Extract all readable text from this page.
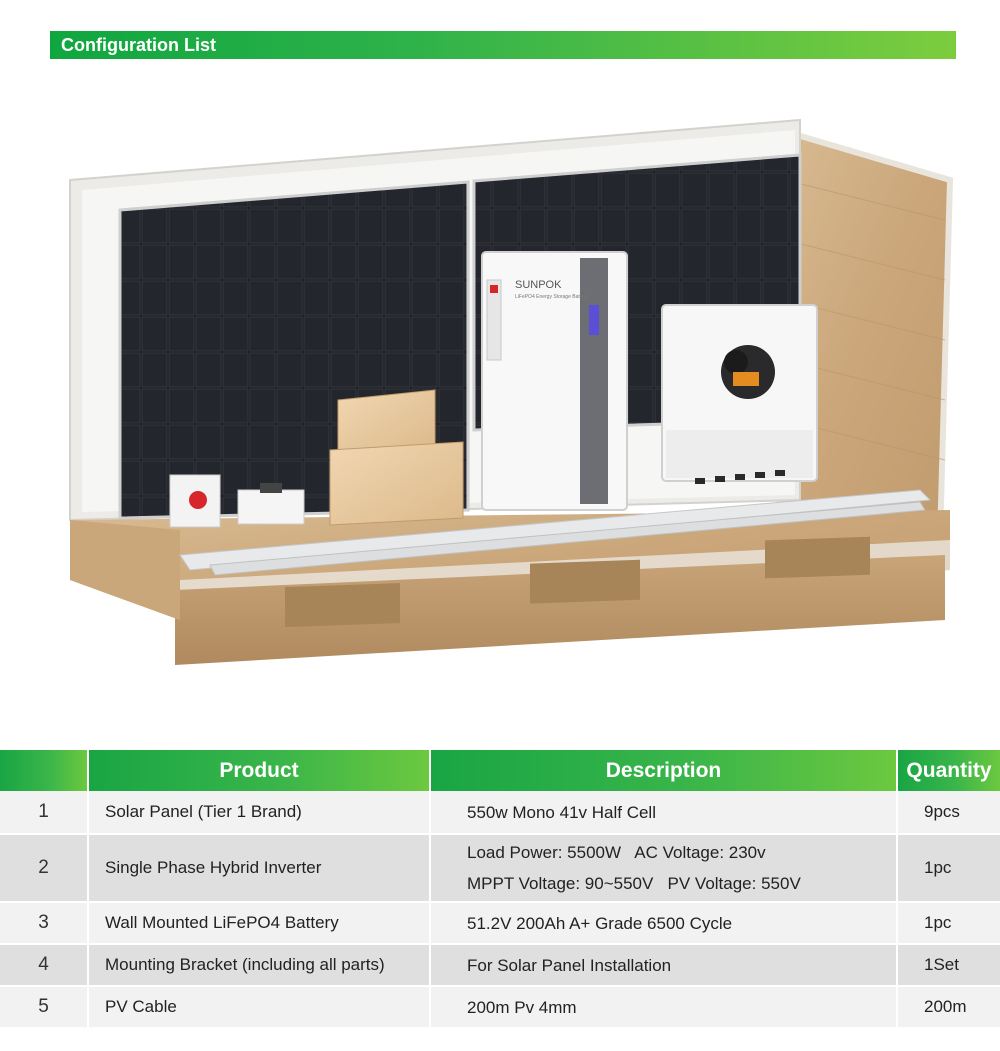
Configuration List
SUNPOK
LiFePO4 Energy Storage Battery
	Product	Description	Quantity
1	Solar Panel (Tier 1 Brand)	550w Mono 41v Half Cell	9pcs

2	Single Phase Hybrid Inverter	Load Power: 5500W   AC Voltage: 230v
MPPT Voltage: 90~550V   PV Voltage: 550V	1pc

3	Wall Mounted LiFePO4 Battery	51.2V 200Ah A+ Grade 6500 Cycle	1pc

4	Mounting Bracket (including all parts)	For Solar Panel Installation	1Set

5	PV Cable	200m Pv 4mm	200m
